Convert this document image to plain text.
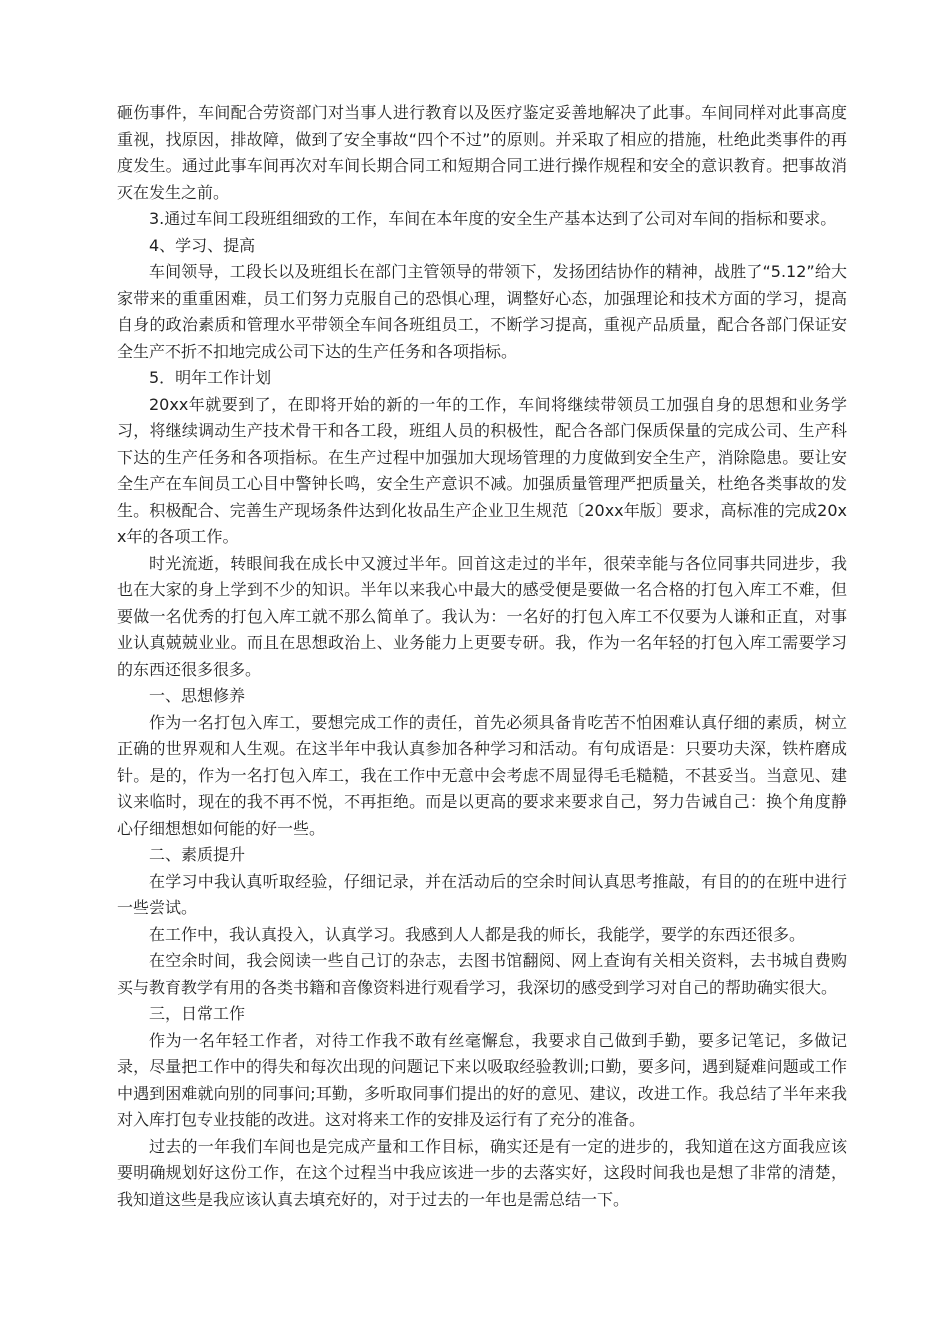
砸伤事件，车间配合劳资部门对当事人进行教育以及医疗鉴定妥善地解决了此事。车间同样对此事高度重视，找原因，排故障，做到了安全事故“四个不过”的原则。并采取了相应的措施，杜绝此类事件的再度发生。通过此事车间再次对车间长期合同工和短期合同工进行操作规程和安全的意识教育。把事故消灭在发生之前。

3.通过车间工段班组细致的工作，车间在本年度的安全生产基本达到了公司对车间的指标和要求。

4、学习、提高

车间领导，工段长以及班组长在部门主管领导的带领下，发扬团结协作的精神，战胜了“5.12”给大家带来的重重困难，员工们努力克服自己的恐惧心理，调整好心态，加强理论和技术方面的学习，提高自身的政治素质和管理水平带领全车间各班组员工，不断学习提高，重视产品质量，配合各部门保证安全生产不折不扣地完成公司下达的生产任务和各项指标。

5．明年工作计划

20xx年就要到了，在即将开始的新的一年的工作，车间将继续带领员工加强自身的思想和业务学习，将继续调动生产技术骨干和各工段，班组人员的积极性，配合各部门保质保量的完成公司、生产科下达的生产任务和各项指标。在生产过程中加强加大现场管理的力度做到安全生产，消除隐患。要让安全生产在车间员工心目中警钟长鸣，安全生产意识不减。加强质量管理严把质量关，杜绝各类事故的发生。积极配合、完善生产现场条件达到化妆品生产企业卫生规范〔20xx年版〕要求，高标准的完成20xx年的各项工作。

时光流逝，转眼间我在成长中又渡过半年。回首这走过的半年，很荣幸能与各位同事共同进步，我也在大家的身上学到不少的知识。半年以来我心中最大的感受便是要做一名合格的打包入库工不难，但要做一名优秀的打包入库工就不那么简单了。我认为：一名好的打包入库工不仅要为人谦和正直，对事业认真兢兢业业。而且在思想政治上、业务能力上更要专研。我，作为一名年轻的打包入库工需要学习的东西还很多很多。

一、思想修养

作为一名打包入库工，要想完成工作的责任，首先必须具备肯吃苦不怕困难认真仔细的素质，树立正确的世界观和人生观。在这半年中我认真参加各种学习和活动。有句成语是：只要功夫深，铁杵磨成针。是的，作为一名打包入库工，我在工作中无意中会考虑不周显得毛毛糙糙，不甚妥当。当意见、建议来临时，现在的我不再不悦，不再拒绝。而是以更高的要求来要求自己，努力告诫自己：换个角度静心仔细想想如何能的好一些。

二、素质提升

在学习中我认真听取经验，仔细记录，并在活动后的空余时间认真思考推敲，有目的的在班中进行一些尝试。

在工作中，我认真投入，认真学习。我感到人人都是我的师长，我能学，要学的东西还很多。

在空余时间，我会阅读一些自己订的杂志，去图书馆翻阅、网上查询有关相关资料，去书城自费购买与教育教学有用的各类书籍和音像资料进行观看学习，我深切的感受到学习对自己的帮助确实很大。

三，日常工作

作为一名年轻工作者，对待工作我不敢有丝毫懈怠，我要求自己做到手勤，要多记笔记，多做记录，尽量把工作中的得失和每次出现的问题记下来以吸取经验教训;口勤，要多问，遇到疑难问题或工作中遇到困难就向别的同事问;耳勤，多听取同事们提出的好的意见、建议，改进工作。我总结了半年来我对入库打包专业技能的改进。这对将来工作的安排及运行有了充分的准备。

过去的一年我们车间也是完成产量和工作目标，确实还是有一定的进步的，我知道在这方面我应该要明确规划好这份工作，在这个过程当中我应该进一步的去落实好，这段时间我也是想了非常的清楚，我知道这些是我应该认真去填充好的，对于过去的一年也是需总结一下。
